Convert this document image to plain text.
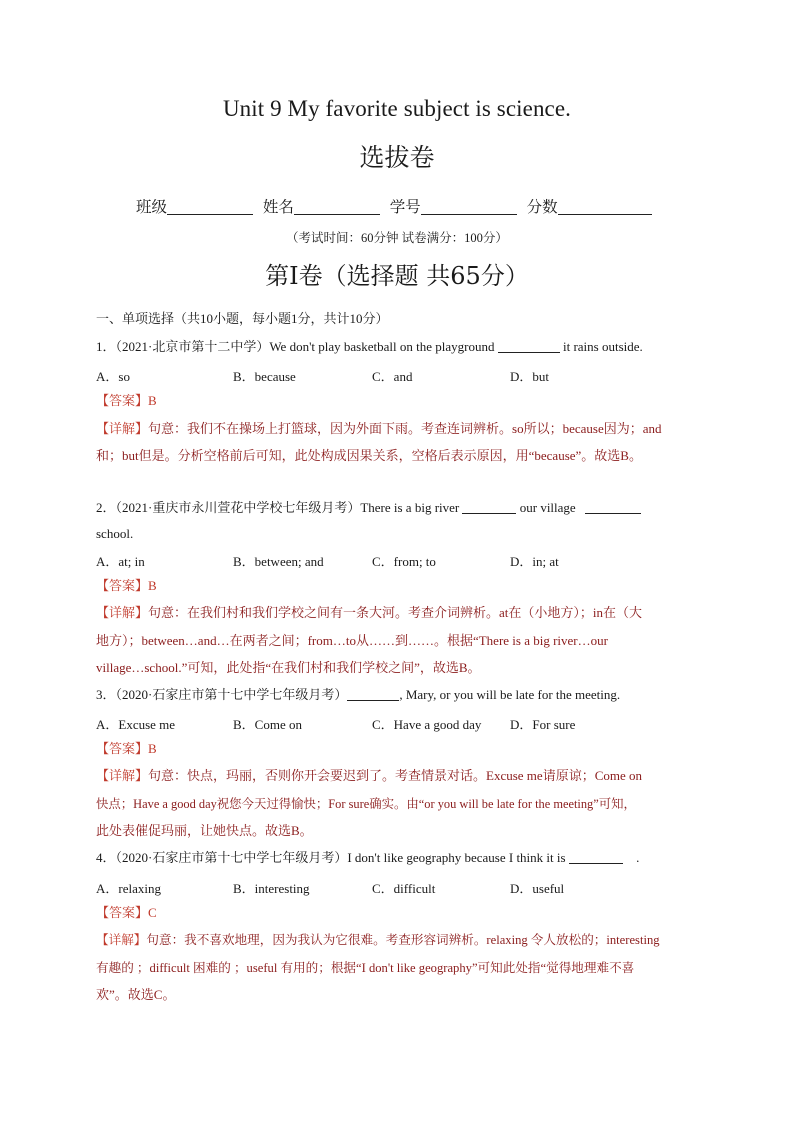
Unit 9 My favorite subject is science.
选拔卷
班级	姓名	学号	分数
（考试时间：60分钟 试卷满分：100分）
第Ⅰ卷（选择题 共65分）
一、单项选择（共10小题，每小题1分，共计10分）
1．（2021·北京市第十二中学）We don't play basketball on the playground	it rains outside.
A．so	B．because	C．and	D．but
【答案】B
【详解】句意：我们不在操场上打篮球，因为外面下雨。考查连词辨析。so所以；because因为；and
和；but但是。分析空格前后可知，此处构成因果关系，空格后表示原因，用“because”。故选B。
2．（2021·重庆市永川萱花中学校七年级月考）There is a big river	our village
school.
A．at; in	B．between; and	C．from; to	D．in; at
【答案】B
【详解】句意：在我们村和我们学校之间有一条大河。考查介词辨析。at在（小地方）；in在（大
地方）；between…and…在两者之间；from…to从……到……。根据“There is a big river…our
village…school.”可知，此处指“在我们村和我们学校之间”，故选B。
3．（2020·石家庄市第十七中学七年级月考）	, Mary, or you will be late for the meeting.
A．Excuse me	B．Come on	C．Have a good day D．For sure
【答案】B
【详解】句意：快点，玛丽，否则你开会要迟到了。考查情景对话。Excuse me请原谅；Come on
快点；Have a good day祝您今天过得愉快；For sure确实。由“or you will be late for the meeting”可知，
此处表催促玛丽，让她快点。故选B。
4．（2020·石家庄市第十七中学七年级月考）I don't like geography because I think it is	.
A．relaxing	B．interesting	C．difficult	D．useful
【答案】C
【详解】句意：我不喜欢地理，因为我认为它很难。考查形容词辨析。relaxing 令人放松的；interesting
有趣的 ；difficult 困难的 ；useful 有用的；根据“I don't like geography”可知此处指“觉得地理难不喜
欢”。故选C。
